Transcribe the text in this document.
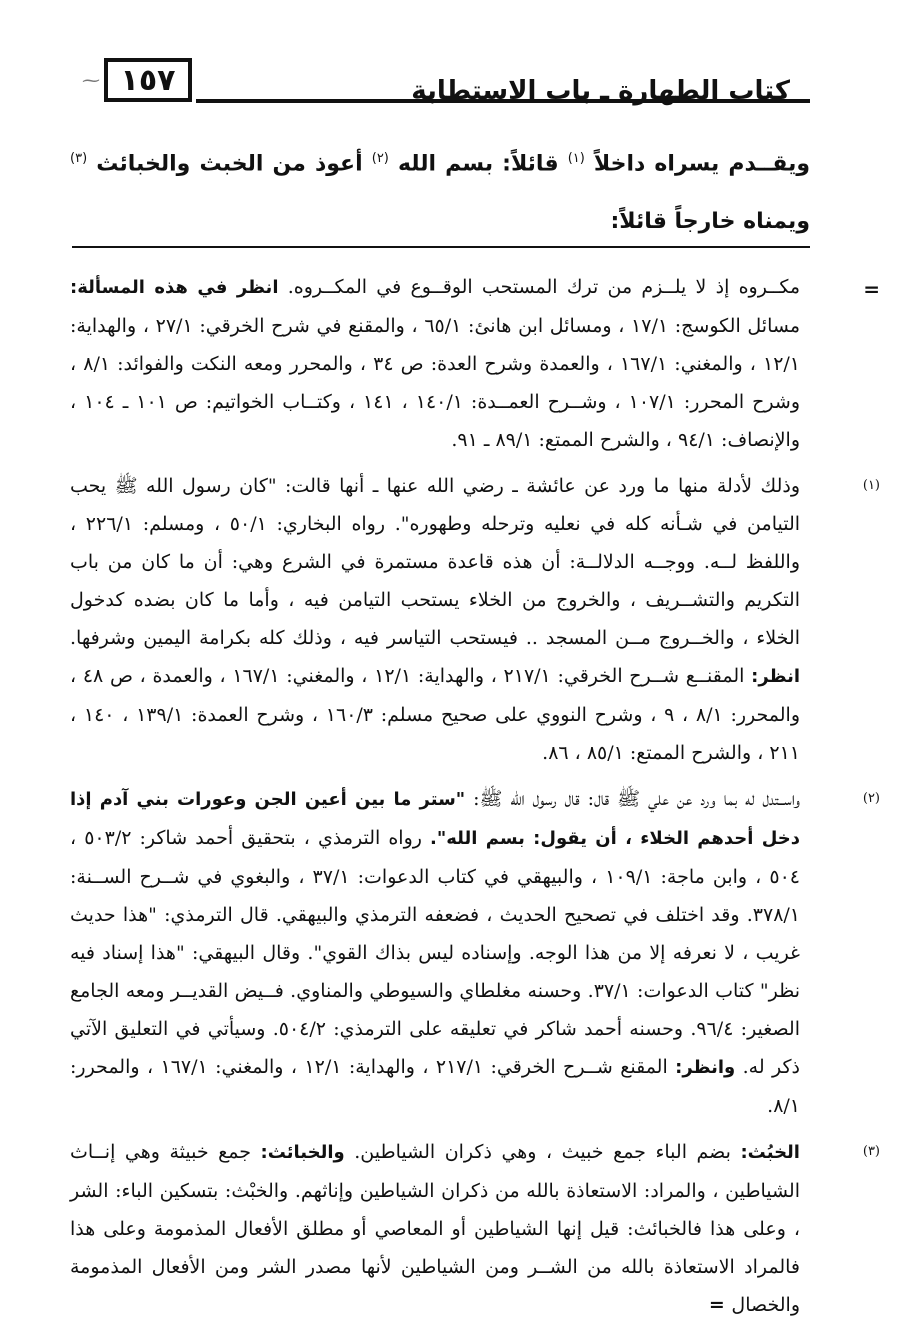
⁓ ١٥٧	كتاب الطهارة ـ باب الاستطابة
ويقــدم يسراه داخلاً $^{(١)}$ قائلاً: بسم الله $^{(٢)}$ أعوذ من الخبث والخبائث $^{(٣)}$ ويمناه خارجاً قائلاً:
=
مكــروه إذ لا يلــزم من ترك المستحب الوقــوع في المكــروه. انظر في هذه المسألة: مسائل الكوسج: ١٧/١ ، ومسائل ابن هانئ: ٦٥/١ ، والمقنع في شرح الخرقي: ٢٧/١ ، والهداية: ١٢/١ ، والمغني: ١٦٧/١ ، والعمدة وشرح العدة: ص ٣٤ ، والمحرر ومعه النكت والفوائد: ٨/١ ، وشرح المحرر: ١٠٧/١ ، وشــرح العمــدة: ١٤٠/١ ، ١٤١ ، وكتــاب الخواتيم: ص ١٠١ ـ ١٠٤ ، والإنصاف: ٩٤/١ ، والشرح الممتع: ٨٩/١ ـ ٩١.
(١)
وذلك لأدلة منها ما ورد عن عائشة ـ رضي الله عنها ـ أنها قالت: "كان رسول الله ﷺ يحب التيامن في شـأنه كله في نعليه وترحله وطهوره". رواه البخاري: ٥٠/١ ، ومسلم: ٢٢٦/١ ، واللفظ لــه. ووجــه الدلالــة: أن هذه قاعدة مستمرة في الشرع وهي: أن ما كان من باب التكريم والتشــريف ، والخروج من الخلاء يستحب التيامن فيه ، وأما ما كان بضده كدخول الخلاء ، والخــروج مــن المسجد .. فيستحب التياسر فيه ، وذلك كله بكرامة اليمين وشرفها. انظر: المقنــع شــرح الخرقي: ٢١٧/١ ، والهداية: ١٢/١ ، والمغني: ١٦٧/١ ، والعمدة ، ص ٤٨ ، والمحرر: ٨/١ ، ٩ ، وشرح النووي على صحيح مسلم: ١٦٠/٣ ، وشرح العمدة: ١٣٩/١ ، ١٤٠ ، ٢١١ ، والشرح الممتع: ٨٥/١ ، ٨٦.
(٢)
واســتدل له بما ورد عن علي ﷺ قال: قال رسول الله ﷺ: "ستر ما بين أعين الجن وعورات بني آدم إذا دخل أحدهم الخلاء ، أن يقول: بسم الله". رواه الترمذي ، بتحقيق أحمد شاكر: ٥٠٣/٢ ، ٥٠٤ ، وابن ماجة: ١٠٩/١ ، والبيهقي في كتاب الدعوات: ٣٧/١ ، والبغوي في شــرح الســنة: ٣٧٨/١. وقد اختلف في تصحيح الحديث ، فضعفه الترمذي والبيهقي. قال الترمذي: "هذا حديث غريب ، لا نعرفه إلا من هذا الوجه. وإسناده ليس بذاك القوي". وقال البيهقي: "هذا إسناد فيه نظر" كتاب الدعوات: ٣٧/١. وحسنه مغلطاي والسيوطي والمناوي. فــيض القديــر ومعه الجامع الصغير: ٩٦/٤. وحسنه أحمد شاكر في تعليقه على الترمذي: ٥٠٤/٢. وسيأتي في التعليق الآتي ذكر له. وانظر: المقنع شــرح الخرقي: ٢١٧/١ ، والهداية: ١٢/١ ، والمغني: ١٦٧/١ ، والمحرر: ٨/١.
(٣)
الخبُث: بضم الباء جمع خبيث ، وهي ذكران الشياطين. والخبائث: جمع خبيثة وهي إنــاث الشياطين ، والمراد: الاستعاذة بالله من ذكران الشياطين وإناثهم. والخبْث: بتسكين الباء: الشر ، وعلى هذا فالخبائث: قيل إنها الشياطين أو المعاصي أو مطلق الأفعال المذمومة وعلى هذا فالمراد الاستعاذة بالله من الشــر ومن الشياطين لأنها مصدر الشر ومن الأفعال المذمومة والخصال =
